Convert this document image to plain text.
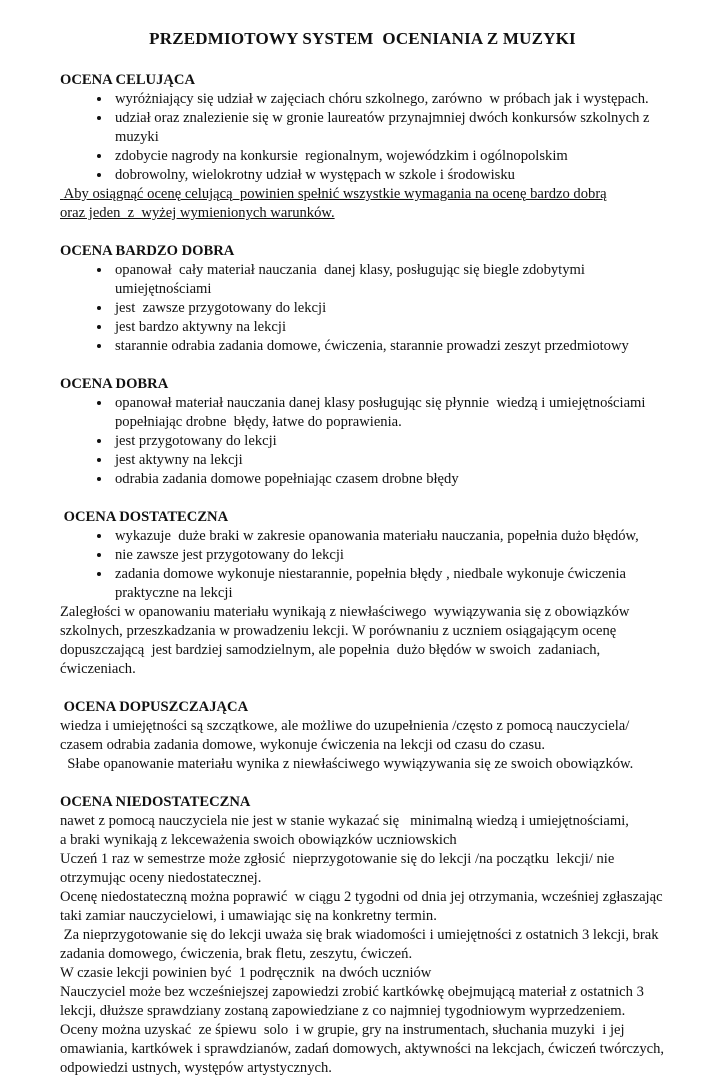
PRZEDMIOTOWY SYSTEM  OCENIANIA Z MUZYKI
OCENA CELUJĄCA
• wyróżniający się udział w zajęciach chóru szkolnego, zarówno  w próbach jak i występach.
• udział oraz znalezienie się w gronie laureatów przynajmniej dwóch konkursów szkolnych z muzyki
• zdobycie nagrody na konkursie  regionalnym, wojewódzkim i ogólnopolskim
• dobrowolny, wielokrotny udział w występach w szkole i środowisku

Aby osiągnąć ocenę celującą  powinien spełnić wszystkie wymagania na ocenę bardzo dobrą

oraz jeden  z  wyżej wymienionych warunków.

OCENA BARDZO DOBRA
• opanował  cały materiał nauczania  danej klasy, posługując się biegle zdobytymi umiejętnościami
• jest  zawsze przygotowany do lekcji
• jest bardzo aktywny na lekcji
• starannie odrabia zadania domowe, ćwiczenia, starannie prowadzi zeszyt przedmiotowy
OCENA DOBRA
• opanował materiał nauczania danej klasy posługując się płynnie  wiedzą i umiejętnościami popełniając drobne  błędy, łatwe do poprawienia.
• jest przygotowany do lekcji
• jest aktywny na lekcji
• odrabia zadania domowe popełniając czasem drobne błędy
OCENA DOSTATECZNA
• wykazuje  duże braki w zakresie opanowania materiału nauczania, popełnia dużo błędów,
• nie zawsze jest przygotowany do lekcji
• zadania domowe wykonuje niestarannie, popełnia błędy , niedbale wykonuje ćwiczenia praktyczne na lekcji

Zaległości w opanowaniu materiału wynikają z niewłaściwego  wywiązywania się z obowiązków szkolnych, przeszkadzania w prowadzeniu lekcji. W porównaniu z uczniem osiągającym ocenę dopuszczającą  jest bardziej samodzielnym, ale popełnia  dużo błędów w swoich  zadaniach, ćwiczeniach.

OCENA DOPUSZCZAJĄCA

wiedza i umiejętności są szczątkowe, ale możliwe do uzupełnienia /często z pomocą nauczyciela/

czasem odrabia zadania domowe, wykonuje ćwiczenia na lekcji od czasu do czasu.

Słabe opanowanie materiału wynika z niewłaściwego wywiązywania się ze swoich obowiązków.

OCENA NIEDOSTATECZNA

nawet z pomocą nauczyciela nie jest w stanie wykazać się   minimalną wiedzą i umiejętnościami,

a braki wynikają z lekceważenia swoich obowiązków uczniowskich

Uczeń 1 raz w semestrze może zgłosić  nieprzygotowanie się do lekcji /na początku  lekcji/ nie otrzymując oceny niedostatecznej.

Ocenę niedostateczną można poprawić  w ciągu 2 tygodni od dnia jej otrzymania, wcześniej zgłaszając taki zamiar nauczycielowi, i umawiając się na konkretny termin.

Za nieprzygotowanie się do lekcji uważa się brak wiadomości i umiejętności z ostatnich 3 lekcji, brak zadania domowego, ćwiczenia, brak fletu, zeszytu, ćwiczeń.

W czasie lekcji powinien być  1 podręcznik  na dwóch uczniów

Nauczyciel może bez wcześniejszej zapowiedzi zrobić kartkówkę obejmującą materiał z ostatnich 3 lekcji, dłuższe sprawdziany zostaną zapowiedziane z co najmniej tygodniowym wyprzedzeniem.

Oceny można uzyskać  ze śpiewu  solo  i w grupie, gry na instrumentach, słuchania muzyki  i jej omawiania, kartkówek i sprawdzianów, zadań domowych, aktywności na lekcjach, ćwiczeń twórczych, odpowiedzi ustnych, występów artystycznych.
